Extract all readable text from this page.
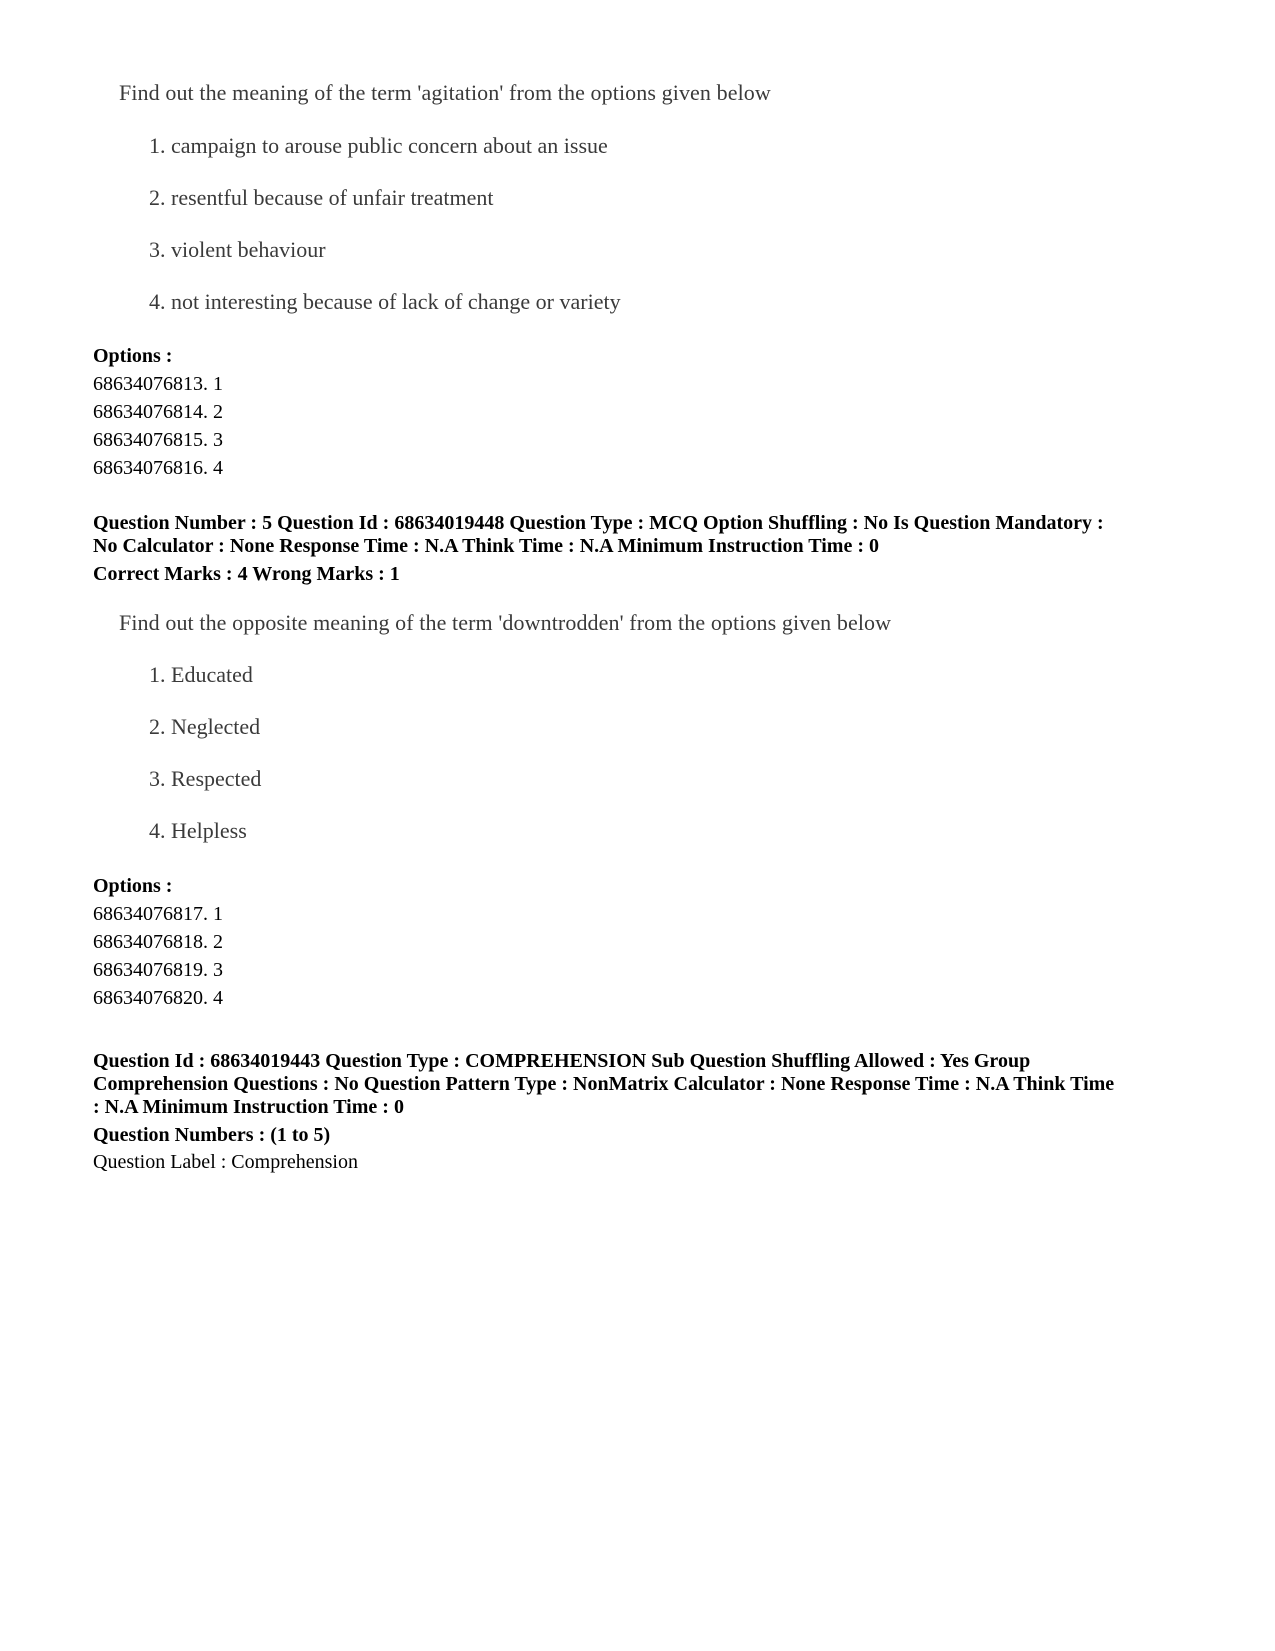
Find out the meaning of the term 'agitation' from the options given below
1. campaign to arouse public concern about an issue
2. resentful because of unfair treatment
3. violent behaviour
4. not interesting because of lack of change or variety
Options :
68634076813. 1
68634076814. 2
68634076815. 3
68634076816. 4
Question Number : 5 Question Id : 68634019448 Question Type : MCQ Option Shuffling : No Is Question Mandatory :
No Calculator : None Response Time : N.A Think Time : N.A Minimum Instruction Time : 0
Correct Marks : 4 Wrong Marks : 1
Find out the opposite meaning of the term 'downtrodden' from the options given below
1. Educated
2. Neglected
3. Respected
4. Helpless
Options :
68634076817. 1
68634076818. 2
68634076819. 3
68634076820. 4
Question Id : 68634019443 Question Type : COMPREHENSION Sub Question Shuffling Allowed : Yes Group
Comprehension Questions : No Question Pattern Type : NonMatrix Calculator : None Response Time : N.A Think Time
: N.A Minimum Instruction Time : 0
Question Numbers : (1 to 5)
Question Label : Comprehension
